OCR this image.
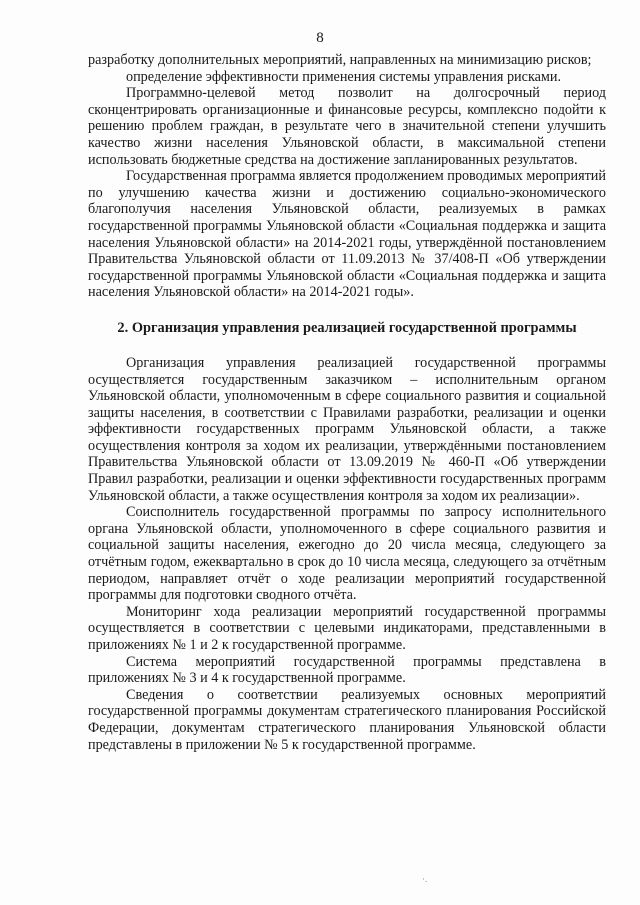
8

разработку дополнительных мероприятий, направленных на минимизацию рисков;

определение эффективности применения системы управления рисками.

Программно-целевой метод позволит на долгосрочный период сконцентрировать организационные и финансовые ресурсы, комплексно подойти к решению проблем граждан, в результате чего в значительной степени улучшить качество жизни населения Ульяновской области, в максимальной степени использовать бюджетные средства на достижение запланированных результатов.

Государственная программа является продолжением проводимых мероприятий по улучшению качества жизни и достижению социально-экономического благополучия населения Ульяновской области, реализуемых в рамках государственной программы Ульяновской области «Социальная поддержка и защита населения Ульяновской области» на 2014-2021 годы, утверждённой постановлением Правительства Ульяновской области от 11.09.2013 № 37/408-П «Об утверждении государственной программы Ульяновской области «Социальная поддержка и защита населения Ульяновской области» на 2014-2021 годы».

2. Организация управления реализацией государственной программы

Организация управления реализацией государственной программы осуществляется государственным заказчиком – исполнительным органом Ульяновской области, уполномоченным в сфере социального развития и социальной защиты населения, в соответствии с Правилами разработки, реализации и оценки эффективности государственных программ Ульяновской области, а также осуществления контроля за ходом их реализации, утверждёнными постановлением Правительства Ульяновской области от 13.09.2019 № 460-П «Об утверждении Правил разработки, реализации и оценки эффективности государственных программ Ульяновской области, а также осуществления контроля за ходом их реализации».

Соисполнитель государственной программы по запросу исполнительного органа Ульяновской области, уполномоченного в сфере социального развития и социальной защиты населения, ежегодно до 20 числа месяца, следующего за отчётным годом, ежеквартально в срок до 10 числа месяца, следующего за отчётным периодом, направляет отчёт о ходе реализации мероприятий государственной программы для подготовки сводного отчёта.

Мониторинг хода реализации мероприятий государственной программы осуществляется в соответствии с целевыми индикаторами, представленными в приложениях № 1 и 2 к государственной программе.

Система мероприятий государственной программы представлена в приложениях № 3 и 4 к государственной программе.

Сведения о соответствии реализуемых основных мероприятий государственной программы документам стратегического планирования Российской Федерации, документам стратегического планирования Ульяновской области представлены в приложении № 5 к государственной программе.

·.
